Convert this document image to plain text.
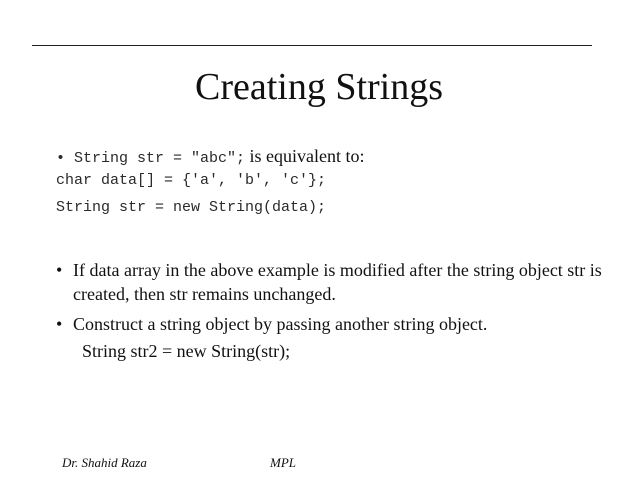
Creating Strings
• String str = "abc"; is equivalent to:
char data[] = {'a', 'b', 'c'};
String str = new String(data);
• If data array in the above example is modified after the string object str is created, then str remains unchanged.
• Construct a string object by passing another string object.
String str2 = new String(str);
Dr. Shahid Raza	MPL
